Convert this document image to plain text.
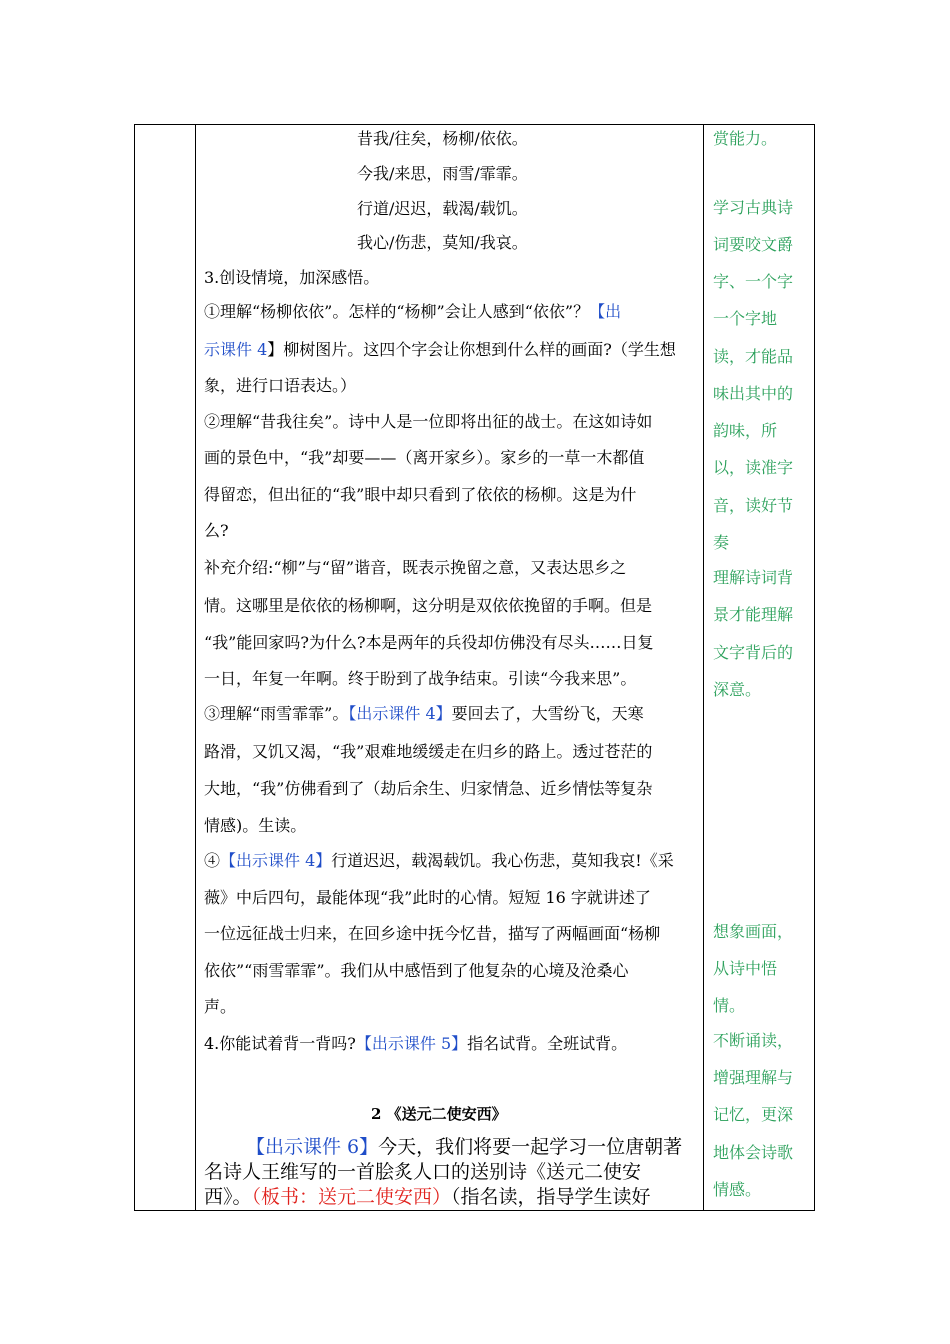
昔我/往矣，杨柳/依依。
今我/来思，雨雪/霏霏。
行道/迟迟，载渴/载饥。
我心/伤悲，莫知/我哀。
3.创设情境，加深感悟。
①理解“杨柳依依”。怎样的“杨柳”会让人感到“依依”？【出
示课件 4】柳树图片。这四个字会让你想到什么样的画面?（学生想
象，进行口语表达。）
②理解“昔我往矣”。诗中人是一位即将出征的战士。在这如诗如
画的景色中，“我”却要——（离开家乡）。家乡的一草一木都值
得留恋，但出征的“我”眼中却只看到了依依的杨柳。这是为什
么?
补充介绍:“柳”与“留”谐音，既表示挽留之意，又表达思乡之
情。这哪里是依依的杨柳啊，这分明是双依依挽留的手啊。但是
“我”能回家吗?为什么?本是两年的兵役却仿佛没有尽头……日复
一日，年复一年啊。终于盼到了战争结束。引读“今我来思”。
③理解“雨雪霏霏”。【出示课件 4】要回去了，大雪纷飞，天寒
路滑，又饥又渴，“我”艰难地缓缓走在归乡的路上。透过苍茫的
大地，“我”仿佛看到了（劫后余生、归家情急、近乡情怯等复杂
情感)。生读。
④【出示课件 4】行道迟迟，载渴载饥。我心伤悲，莫知我哀!《采
薇》中后四句，最能体现“我”此时的心情。短短 16 字就讲述了
一位远征战士归来，在回乡途中抚今忆昔，描写了两幅画面“杨柳
依依”“雨雪霏霏”。我们从中感悟到了他复杂的心境及沧桑心
声。
4.你能试着背一背吗?【出示课件 5】指名试背。全班试背。
2 《送元二使安西》
【出示课件 6】今天，我们将要一起学习一位唐朝著
名诗人王维写的一首脍炙人口的送别诗《送元二使安
西》。（板书：送元二使安西）（指名读，指导学生读好
赏能力。
学习古典诗
词要咬文爵
字、一个字
一个字地
读，才能品
味出其中的
韵味，所
以，读准字
音，读好节
奏
理解诗词背
景才能理解
文字背后的
深意。
想象画面，
从诗中悟
情。
不断诵读，
增强理解与
记忆，更深
地体会诗歌
情感。
